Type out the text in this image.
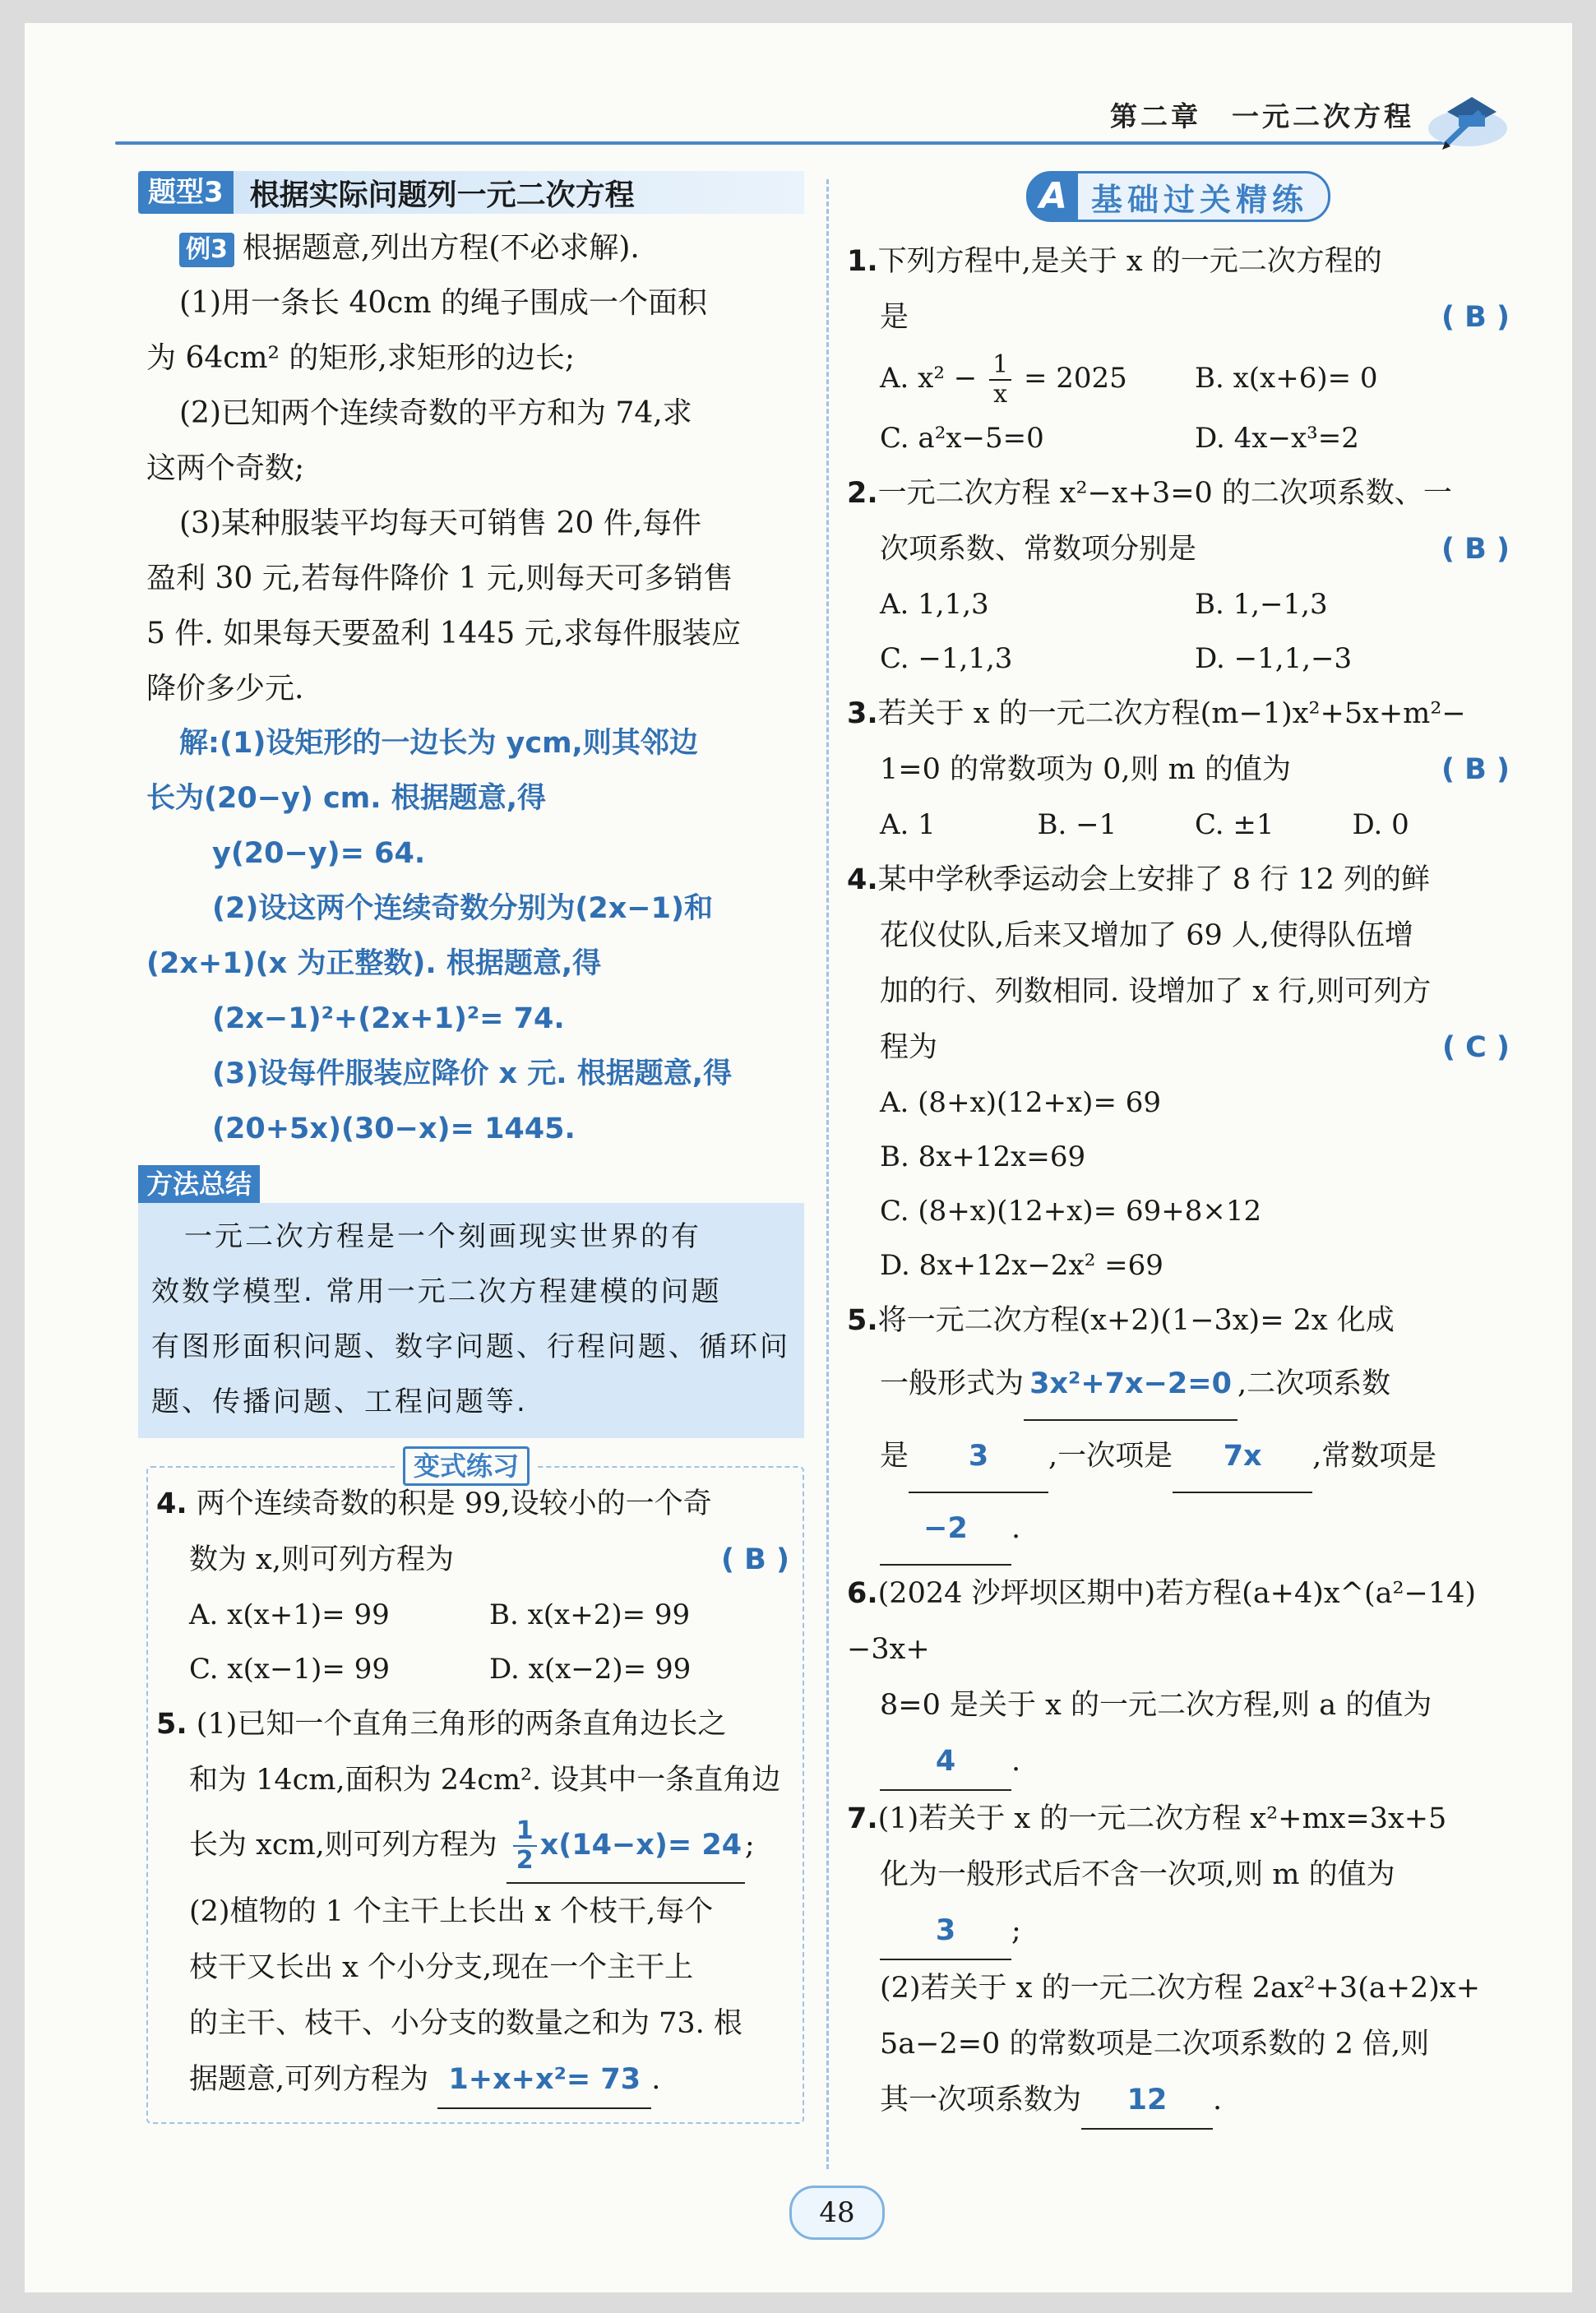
第二章　一元二次方程
题型3 根据实际问题列一元二次方程
例3 根据题意,列出方程(不必求解).
(1)用一条长 40cm 的绳子围成一个面积
为 64cm² 的矩形,求矩形的边长;
(2)已知两个连续奇数的平方和为 74,求
这两个奇数;
(3)某种服装平均每天可销售 20 件,每件
盈利 30 元,若每件降价 1 元,则每天可多销售
5 件. 如果每天要盈利 1445 元,求每件服装应
降价多少元.
解:(1)设矩形的一边长为 ycm,则其邻边
长为(20−y) cm. 根据题意,得
y(20−y)= 64.
(2)设这两个连续奇数分别为(2x−1)和
(2x+1)(x 为正整数). 根据题意,得
(2x−1)²+(2x+1)²= 74.
(3)设每件服装应降价 x 元. 根据题意,得
(20+5x)(30−x)= 1445.
方法总结
一元二次方程是一个刻画现实世界的有
效数学模型. 常用一元二次方程建模的问题
有图形面积问题、数字问题、行程问题、循环问
题、传播问题、工程问题等.
变式练习
4. 两个连续奇数的积是 99,设较小的一个奇
数为 x,则可列方程为	( B )
A. x(x+1)= 99	B. x(x+2)= 99
C. x(x−1)= 99	D. x(x−2)= 99
5. (1)已知一个直角三角形的两条直角边长之
和为 14cm,面积为 24cm². 设其中一条直角边
长为 xcm,则可列方程为 $\frac{1}{2} x(14-x)= 24$ ;
(2)植物的 1 个主干上长出 x 个枝干,每个
枝干又长出 x 个小分支,现在一个主干上
的主干、枝干、小分支的数量之和为 73. 根
据题意,可列方程为 1+x+x²= 73 .
A 基础过关精练
1.下列方程中,是关于 x 的一元二次方程的
是	( B )
A. $x^2 - \frac{1}{x} = 2025$	B. x(x+6)= 0
C. a²x−5=0	D. 4x−x³=2
2.一元二次方程 x²−x+3=0 的二次项系数、一
次项系数、常数项分别是	( B )
A. 1,1,3	B. 1,−1,3
C. −1,1,3	D. −1,1,−3
3.若关于 x 的一元二次方程(m−1)x²+5x+m²−
1=0 的常数项为 0,则 m 的值为	( B )
A. 1	B. −1	C. ±1	D. 0
4.某中学秋季运动会上安排了 8 行 12 列的鲜
花仪仗队,后来又增加了 69 人,使得队伍增
加的行、列数相同. 设增加了 x 行,则可列方
程为	( C )
A. (8+x)(12+x)= 69
B. 8x+12x=69
C. (8+x)(12+x)= 69+8×12
D. 8x+12x−2x² =69
5.将一元二次方程(x+2)(1−3x)= 2x 化成
一般形式为 3x²+7x−2=0 ,二次项系数
是 3 ,一次项是 7x ,常数项是
−2 .
6.(2024 沙坪坝区期中)若方程(a+4)x^(a²−14) −3x+
8=0 是关于 x 的一元二次方程,则 a 的值为
4 .
7.(1)若关于 x 的一元二次方程 x²+mx=3x+5
化为一般形式后不含一次项,则 m 的值为
3 ;
(2)若关于 x 的一元二次方程 2ax²+3(a+2)x+
5a−2=0 的常数项是二次项系数的 2 倍,则
其一次项系数为 12 .
48
